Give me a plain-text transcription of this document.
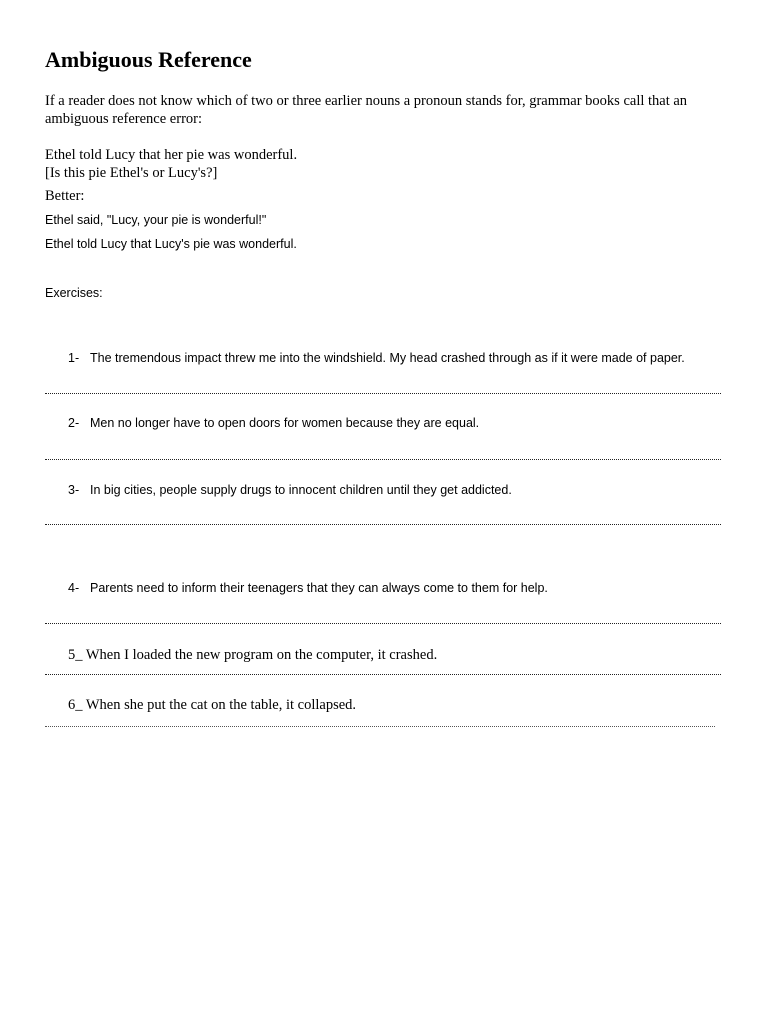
Ambiguous Reference

If a reader does not know which of two or three earlier nouns a pronoun stands for, grammar books call that an ambiguous reference error:

Ethel told Lucy that her pie was wonderful.

[Is this pie Ethel's or Lucy's?]

Better:

Ethel said, "Lucy, your pie is wonderful!"

Ethel told Lucy that Lucy's pie was wonderful.

Exercises:

1- The tremendous impact threw me into the windshield. My head crashed through as if it were made of paper.

2- Men no longer have to open doors for women because they are equal.

3- In big cities, people supply drugs to innocent children until they get addicted.

4- Parents need to inform their teenagers that they can always come to them for help.

5_ When I loaded the new program on the computer, it crashed.

6_ When she put the cat on the table, it collapsed.
